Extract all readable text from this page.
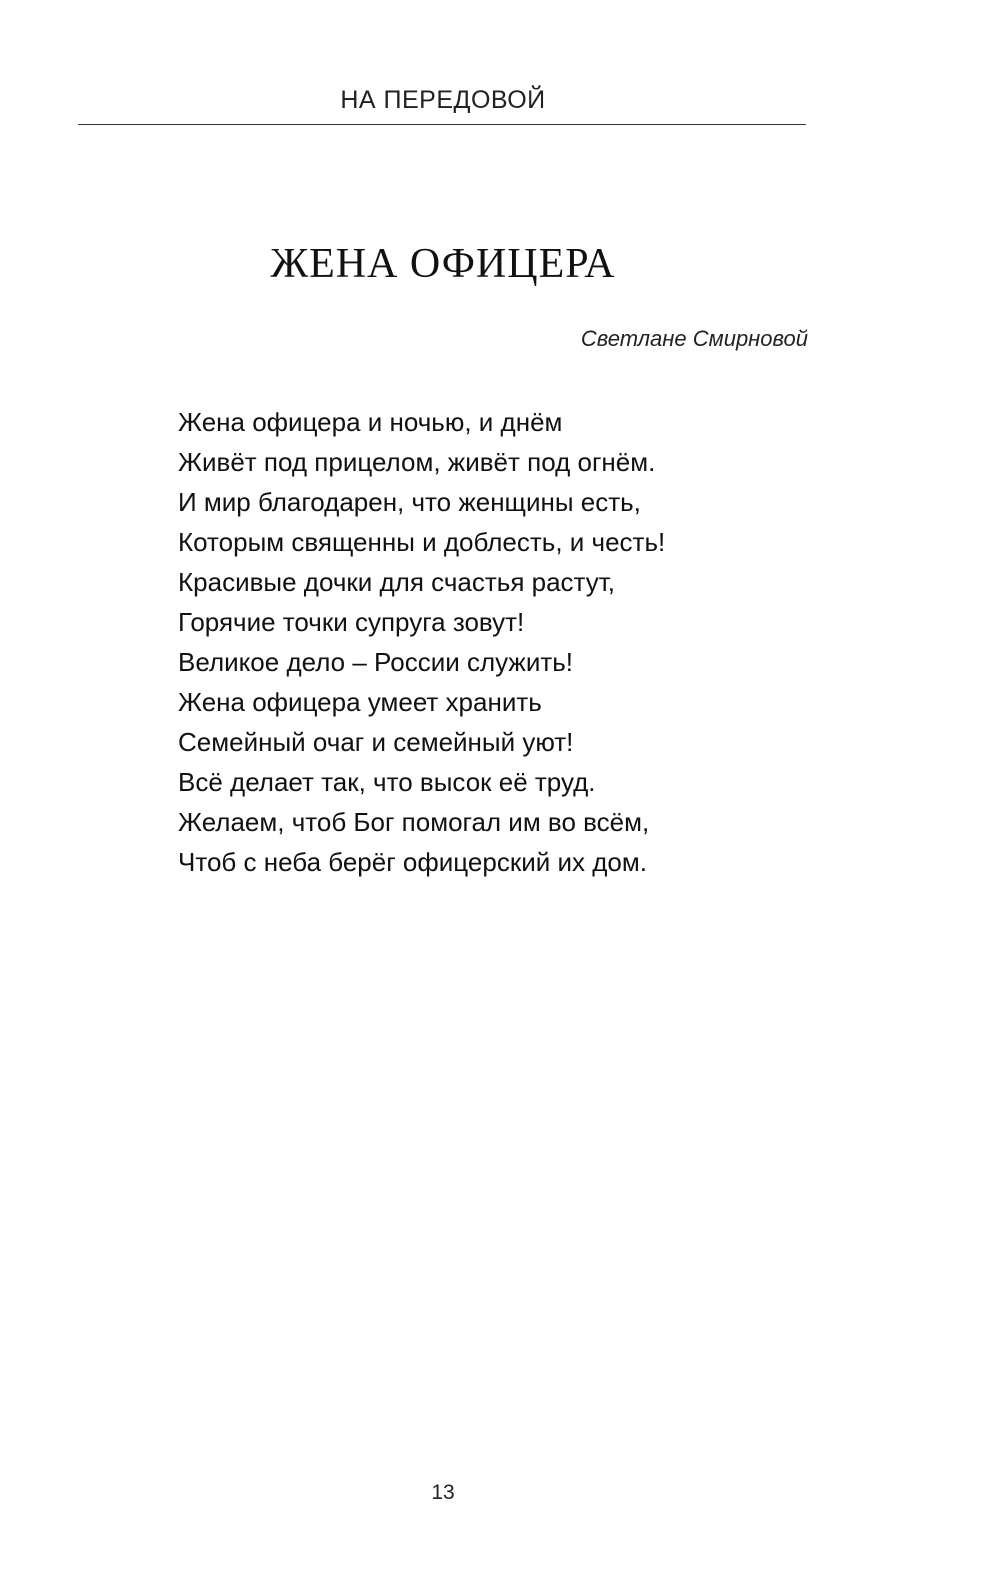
НА ПЕРЕДОВОЙ
ЖЕНА ОФИЦЕРА
Светлане Смирновой
Жена офицера и ночью, и днём
Живёт под прицелом, живёт под огнём.
И мир благодарен, что женщины есть,
Которым священны и доблесть, и честь!
Красивые дочки для счастья растут,
Горячие точки супруга зовут!
Великое дело – России служить!
Жена офицера умеет хранить
Семейный очаг и семейный уют!
Всё делает так, что высок её труд.
Желаем, чтоб Бог помогал им во всём,
Чтоб с неба берёг офицерский их дом.
13
